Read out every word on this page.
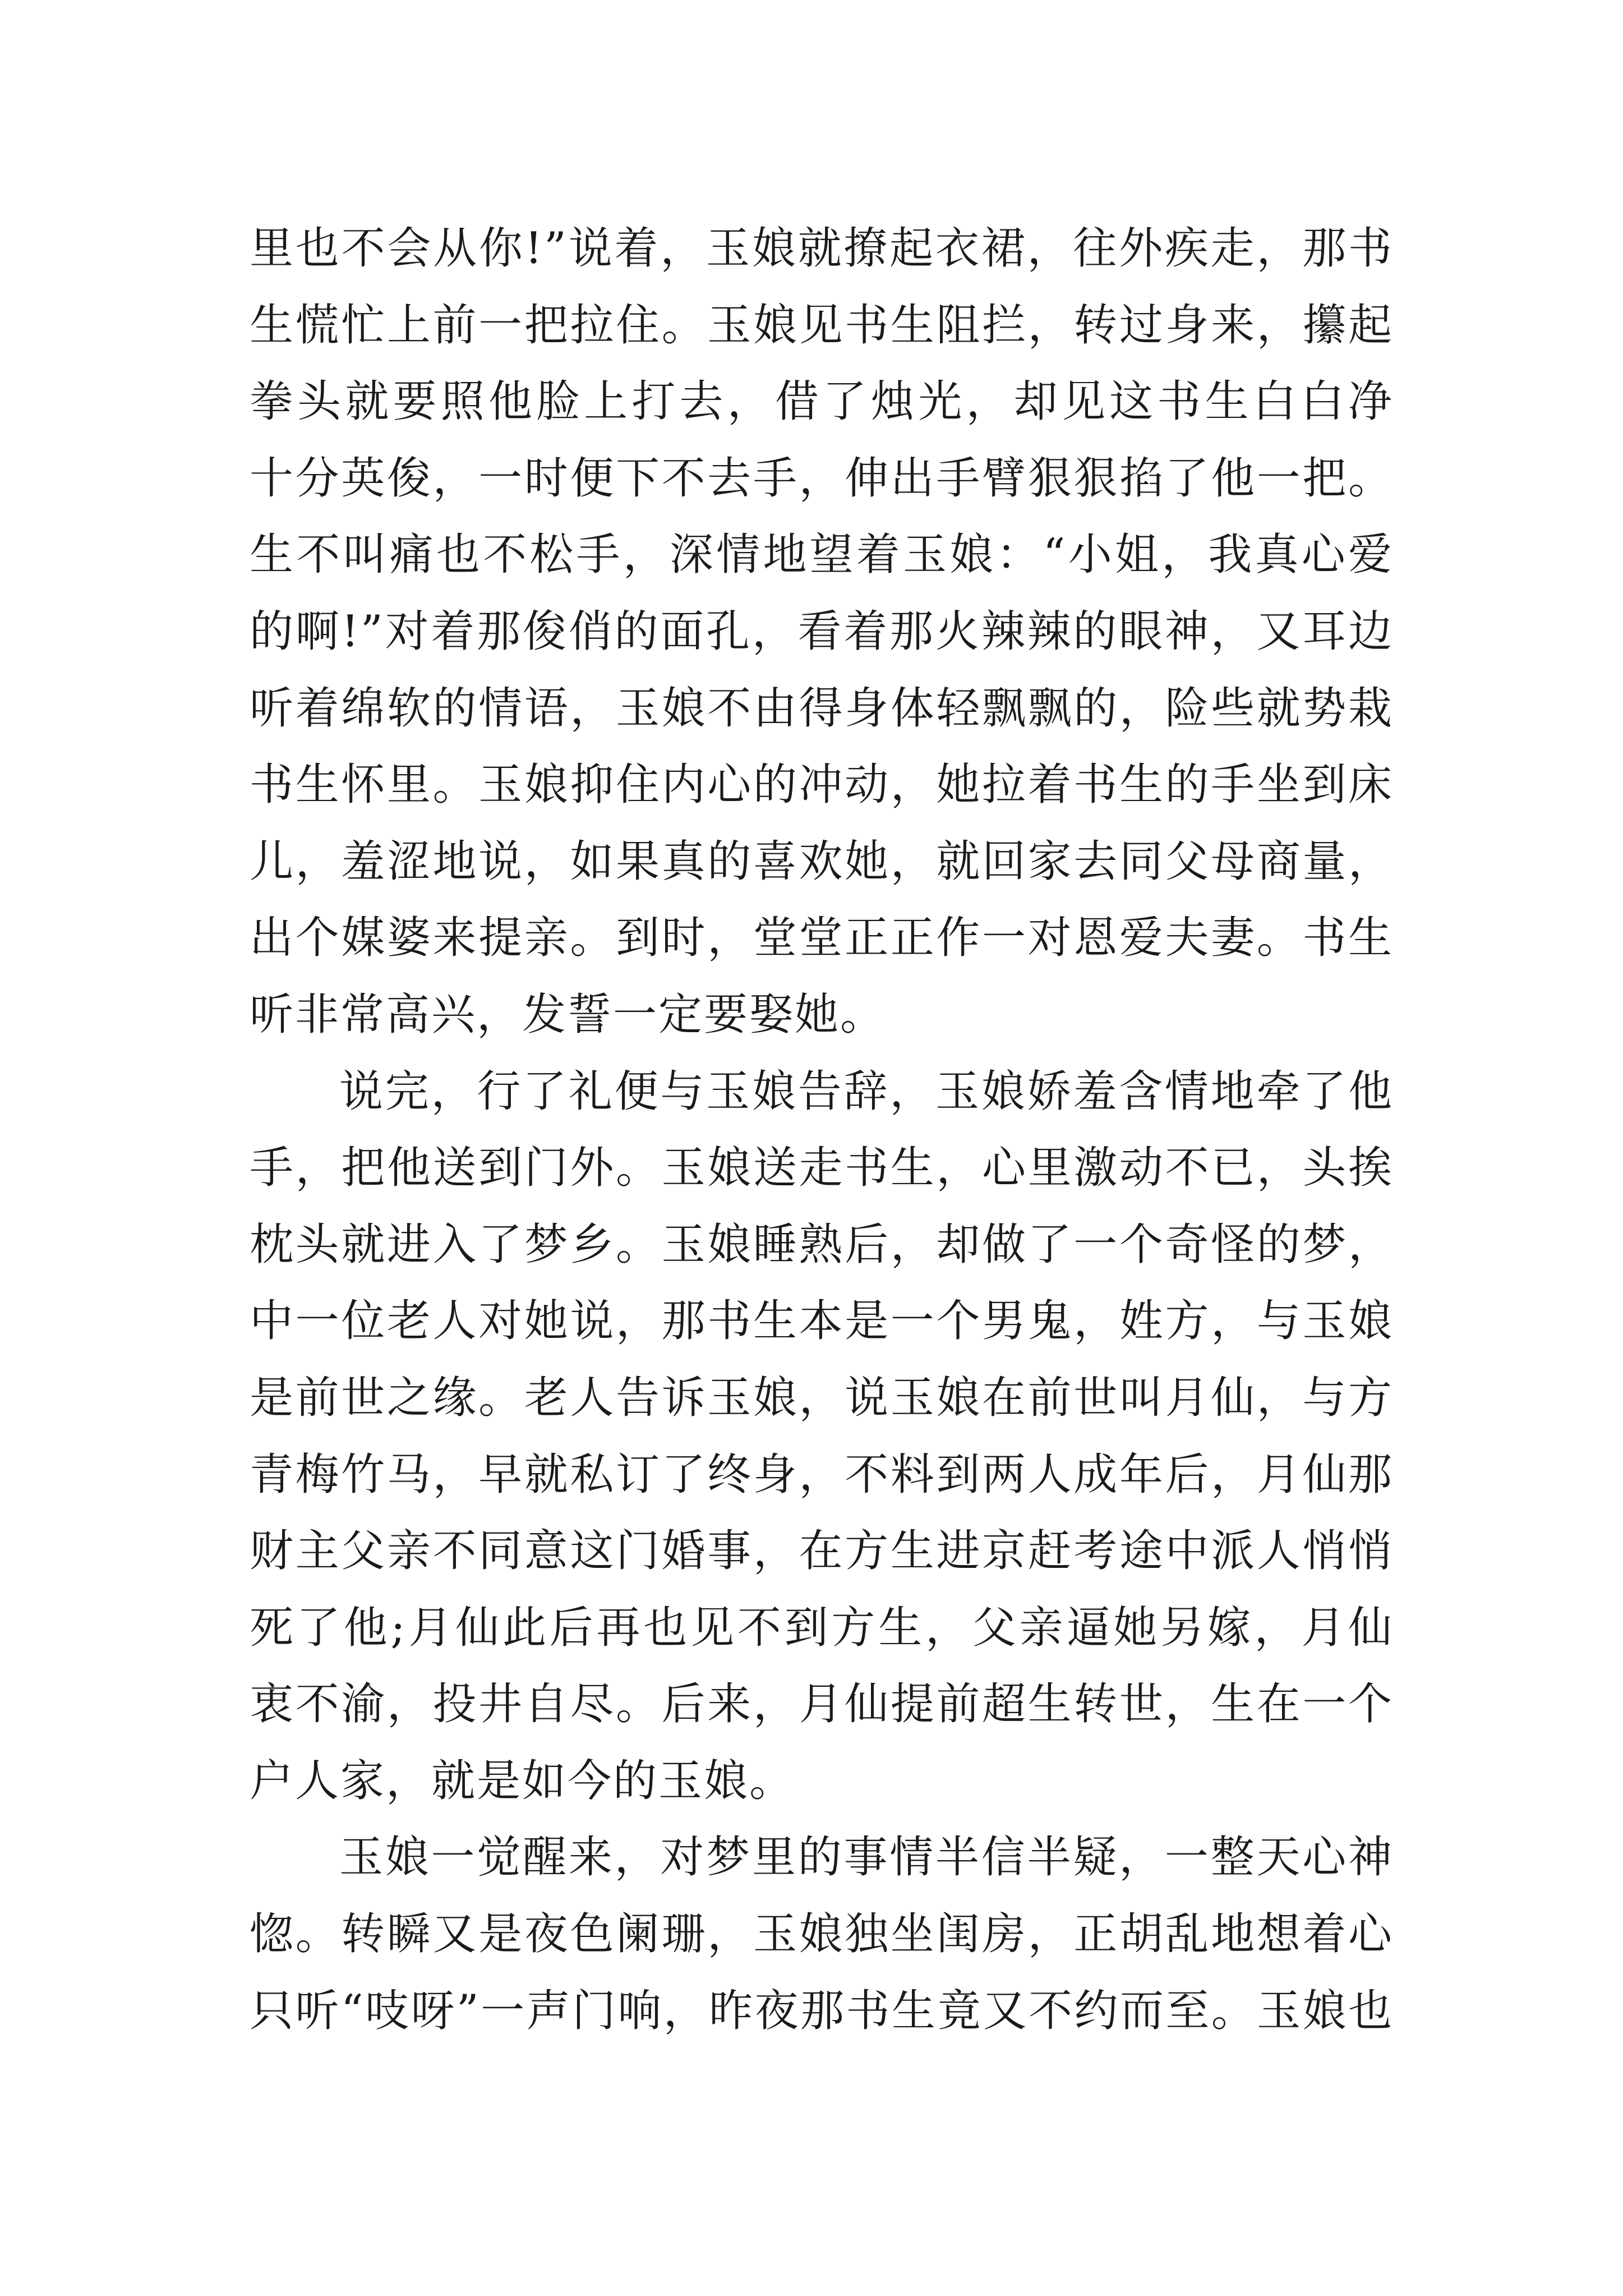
里也不会从你!”说着，玉娘就撩起衣裙，往外疾走，那书
生慌忙上前一把拉住。玉娘见书生阻拦，转过身来，攥起
拳头就要照他脸上打去，借了烛光，却见这书生白白净
十分英俊，一时便下不去手，伸出手臂狠狠掐了他一把。
生不叫痛也不松手，深情地望着玉娘：“小姐，我真心爱
的啊!”对着那俊俏的面孔，看着那火辣辣的眼神，又耳边
听着绵软的情语，玉娘不由得身体轻飘飘的，险些就势栽
书生怀里。玉娘抑住内心的冲动，她拉着书生的手坐到床
儿，羞涩地说，如果真的喜欢她，就回家去同父母商量，
出个媒婆来提亲。到时，堂堂正正作一对恩爱夫妻。书生
听非常高兴，发誓一定要娶她。
说完，行了礼便与玉娘告辞，玉娘娇羞含情地牵了他
手，把他送到门外。玉娘送走书生，心里激动不已，头挨
枕头就进入了梦乡。玉娘睡熟后，却做了一个奇怪的梦，
中一位老人对她说，那书生本是一个男鬼，姓方，与玉娘
是前世之缘。老人告诉玉娘，说玉娘在前世叫月仙，与方
青梅竹马，早就私订了终身，不料到两人成年后，月仙那
财主父亲不同意这门婚事，在方生进京赶考途中派人悄悄
死了他;月仙此后再也见不到方生，父亲逼她另嫁，月仙
衷不渝，投井自尽。后来，月仙提前超生转世，生在一个
户人家，就是如今的玉娘。
玉娘一觉醒来，对梦里的事情半信半疑，一整天心神
惚。转瞬又是夜色阑珊，玉娘独坐闺房，正胡乱地想着心
只听“吱呀”一声门响，昨夜那书生竟又不约而至。玉娘也
